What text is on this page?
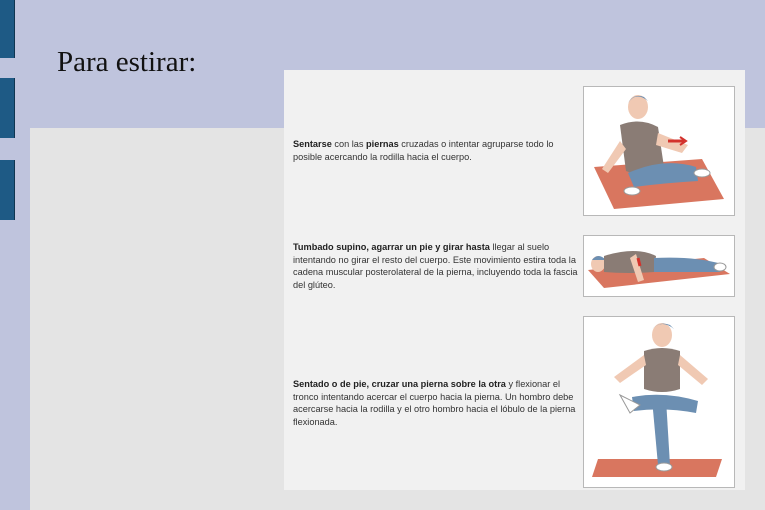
Para estirar:
Sentarse con las piernas cruzadas o intentar agruparse todo lo posible acercando la rodilla hacia el cuerpo.
Tumbado supino, agarrar un pie y girar hasta llegar al suelo intentando no girar el resto del cuerpo. Este movimiento estira toda la cadena muscular posterolateral de la pierna, incluyendo toda la fascia del glúteo.
Sentado o de pie, cruzar una pierna sobre la otra y flexionar el tronco intentando acercar el cuerpo hacia la pierna. Un hombro debe acercarse hacia la rodilla y el otro hombro hacia el lóbulo de la pierna flexionada.
